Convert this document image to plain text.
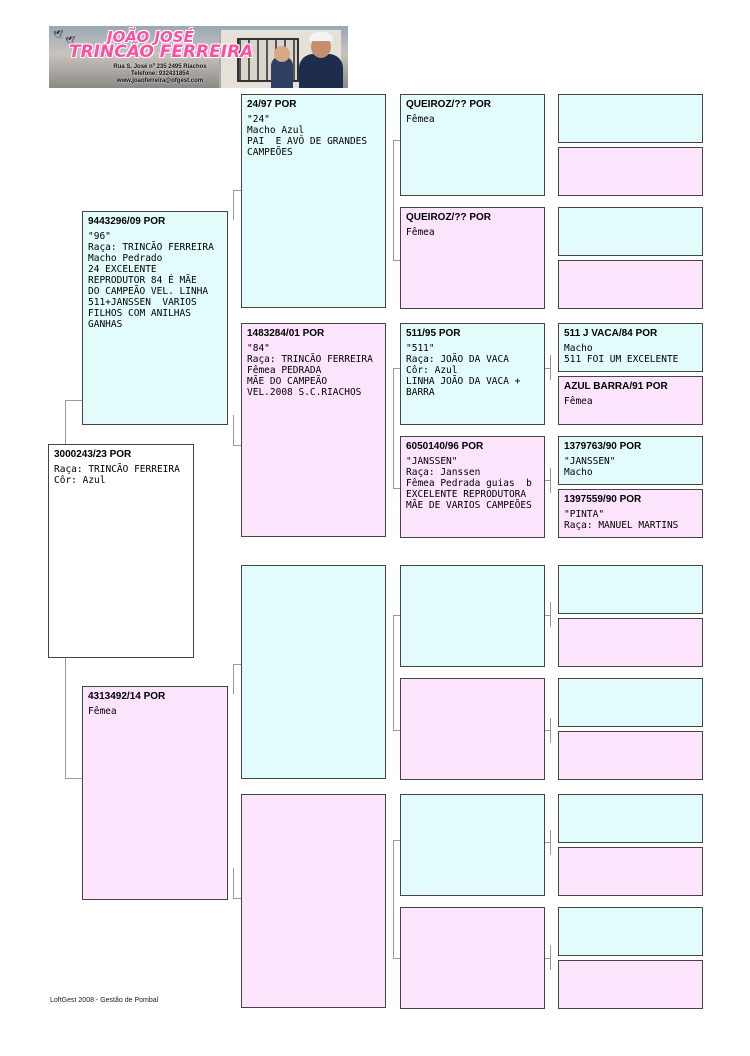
🕊
🕊 JOÃO JOSÉ
TRINCÃO FERREIRA
Rua S. José nº 235 2495 Riachos
Telefone: 932431854
www.joaoferreira@ofgest.com
3000243/23 POR
Raça: TRINCÃO FERREIRA
Côr: Azul
9443296/09 POR
"96"
Raça: TRINCÃO FERREIRA
Macho Pedrado
24 EXCELENTE
REPRODUTOR 84 É MÃE
DO CAMPEÃO VEL. LINHA
511+JANSSEN  VARIOS
FILHOS COM ANILHAS
GANHAS
4313492/14 POR
Fêmea
24/97 POR
"24"
Macho Azul
PAI  E AVÔ DE GRANDES
CAMPEÕES
1483284/01 POR
"84"
Raça: TRINCÃO FERREIRA
Fêmea PEDRADA
MÃE DO CAMPEÃO
VEL.2008 S.C.RIACHOS
QUEIROZ/?? POR
Fêmea
QUEIROZ/?? POR
Fêmea
511/95 POR
"511"
Raça: JOÃO DA VACA
Côr: Azul
LINHA JOÃO DA VACA +
BARRA
6050140/96 POR
"JANSSEN"
Raça: Janssen
Fêmea Pedrada guias  b
EXCELENTE REPRODUTORA
MÃE DE VARIOS CAMPEÕES
511 J VACA/84 POR
Macho
511 FOI UM EXCELENTE
AZUL BARRA/91 POR
Fêmea
1379763/90 POR
"JANSSEN"
Macho
1397559/90 POR
"PINTA"
Raça: MANUEL MARTINS
LoftGest 2008 - Gestão de Pombal
